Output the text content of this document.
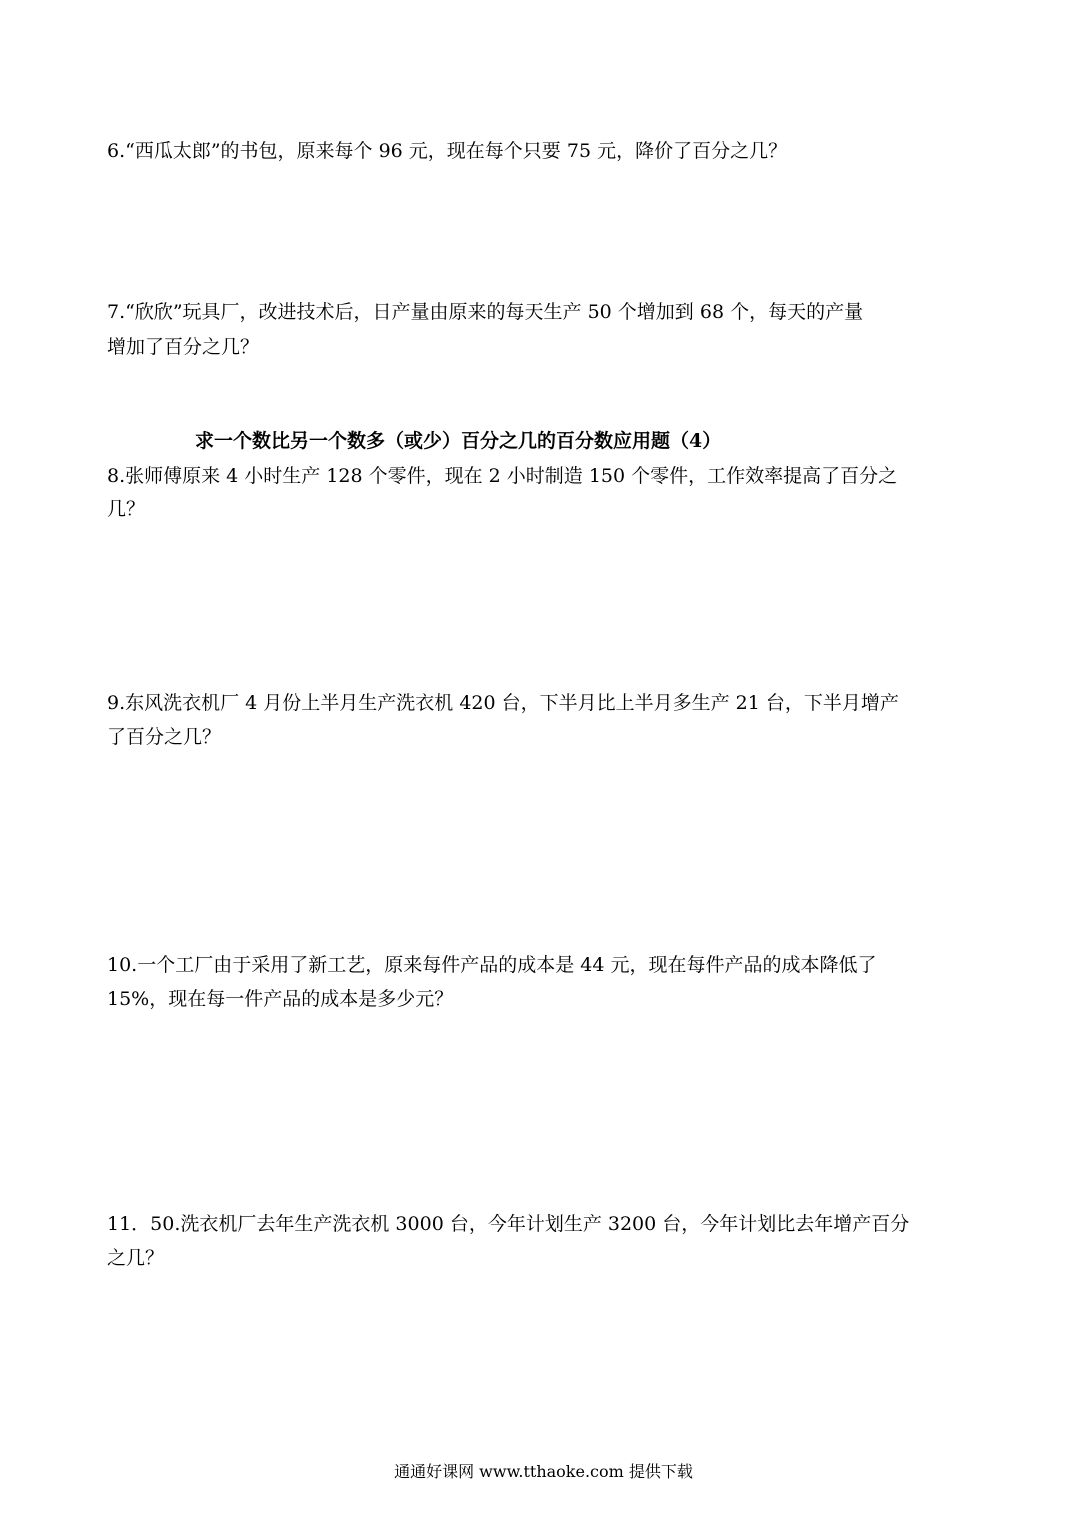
6.“西瓜太郎”的书包，原来每个 96 元，现在每个只要 75 元，降价了百分之几？
7.“欣欣”玩具厂，改进技术后，日产量由原来的每天生产 50 个增加到 68 个，每天的产量
增加了百分之几？
求一个数比另一个数多（或少）百分之几的百分数应用题（4）
8.张师傅原来 4 小时生产 128 个零件，现在 2 小时制造 150 个零件，工作效率提高了百分之
几？
9.东风洗衣机厂 4 月份上半月生产洗衣机 420 台，下半月比上半月多生产 21 台，下半月增产
了百分之几？
10.一个工厂由于采用了新工艺，原来每件产品的成本是 44 元，现在每件产品的成本降低了
15%，现在每一件产品的成本是多少元？
11．50.洗衣机厂去年生产洗衣机 3000 台，今年计划生产 3200 台，今年计划比去年增产百分
之几？
通通好课网 www.tthaoke.com 提供下载
